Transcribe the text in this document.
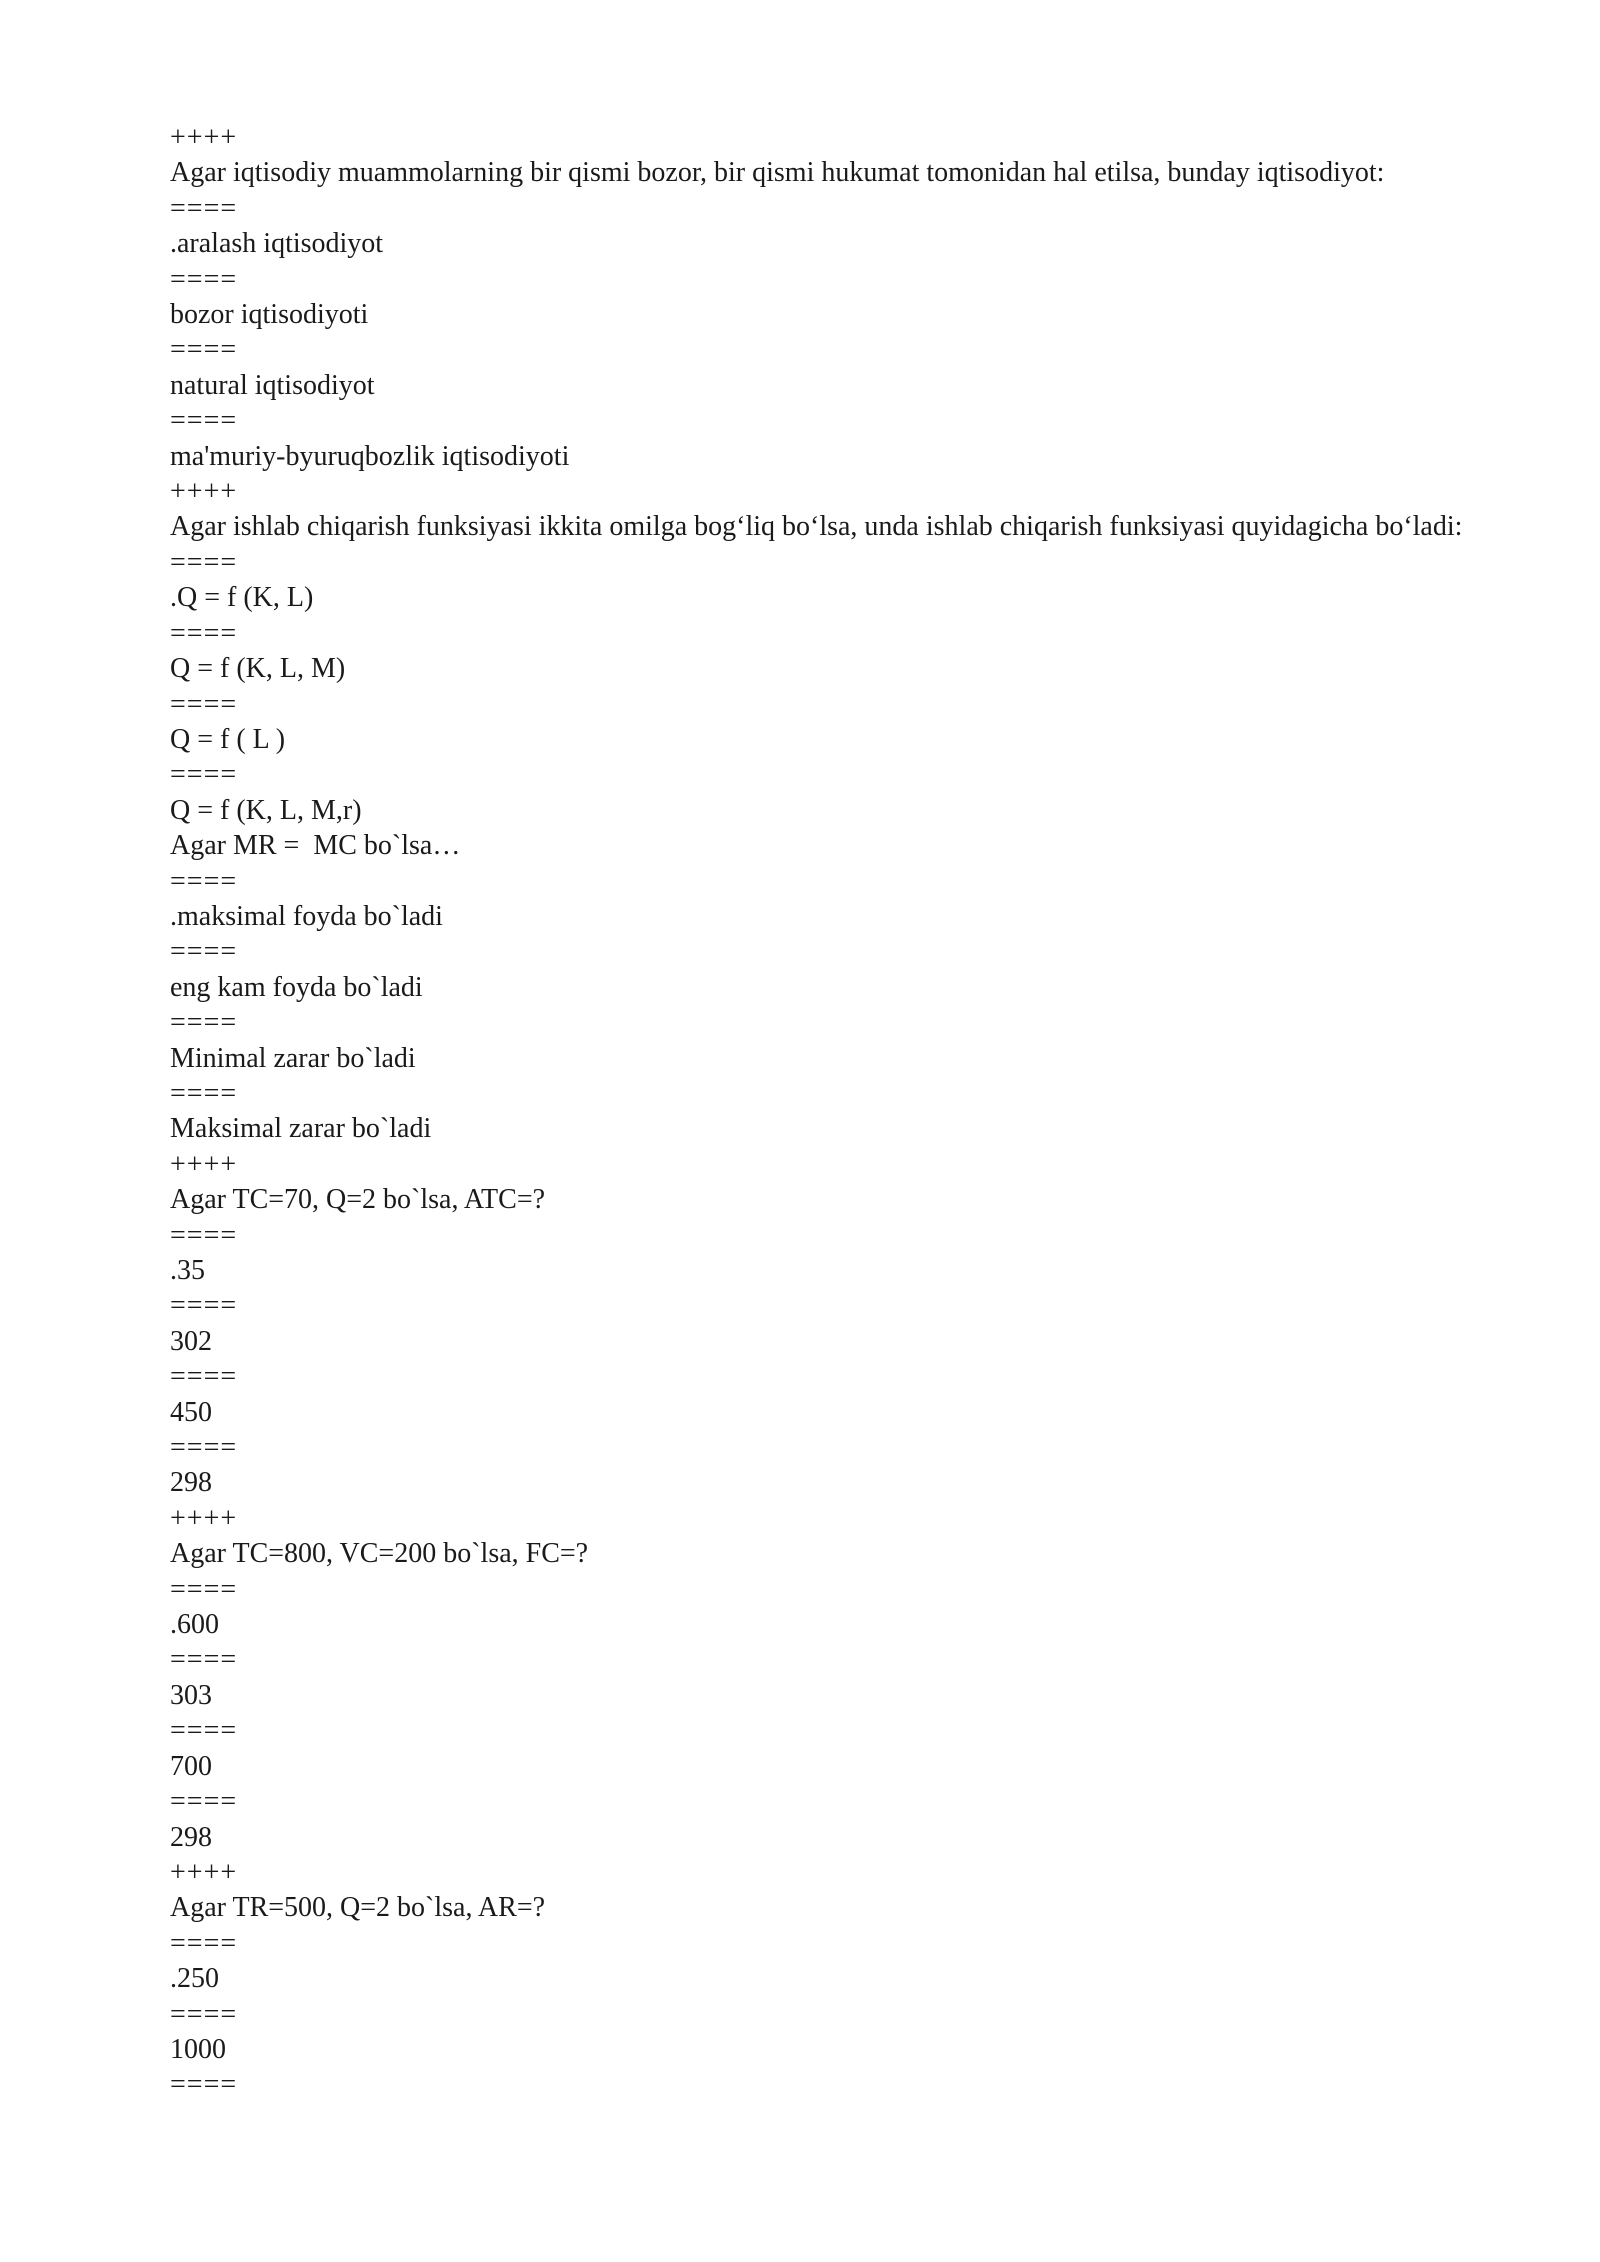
++++
Agar iqtisodiy muammolarning bir qismi bozor, bir qismi hukumat tomonidan hal etilsa, bunday iqtisodiyot:
====
.aralash iqtisodiyot
====
bozor iqtisodiyoti
====
natural iqtisodiyot
====
ma'muriy-byuruqbozlik iqtisodiyoti
++++
Agar ishlab chiqarish funksiyasi ikkita omilga bog‘liq bo‘lsa, unda ishlab chiqarish funksiyasi quyidagicha bo‘ladi:
====
.Q = f (K, L)
====
Q = f (K, L, M)
====
Q = f ( L )
====
Q = f (K, L, M,r)
Agar MR =  MC bo`lsa…
====
.maksimal foyda bo`ladi
====
eng kam foyda bo`ladi
====
Minimal zarar bo`ladi
====
Maksimal zarar bo`ladi
++++
Agar TC=70, Q=2 bo`lsa, ATC=?
====
.35
====
302
====
450
====
298
++++
Agar TC=800, VC=200 bo`lsa, FC=?
====
.600
====
303
====
700
====
298
++++
Agar TR=500, Q=2 bo`lsa, AR=?
====
.250
====
1000
====
